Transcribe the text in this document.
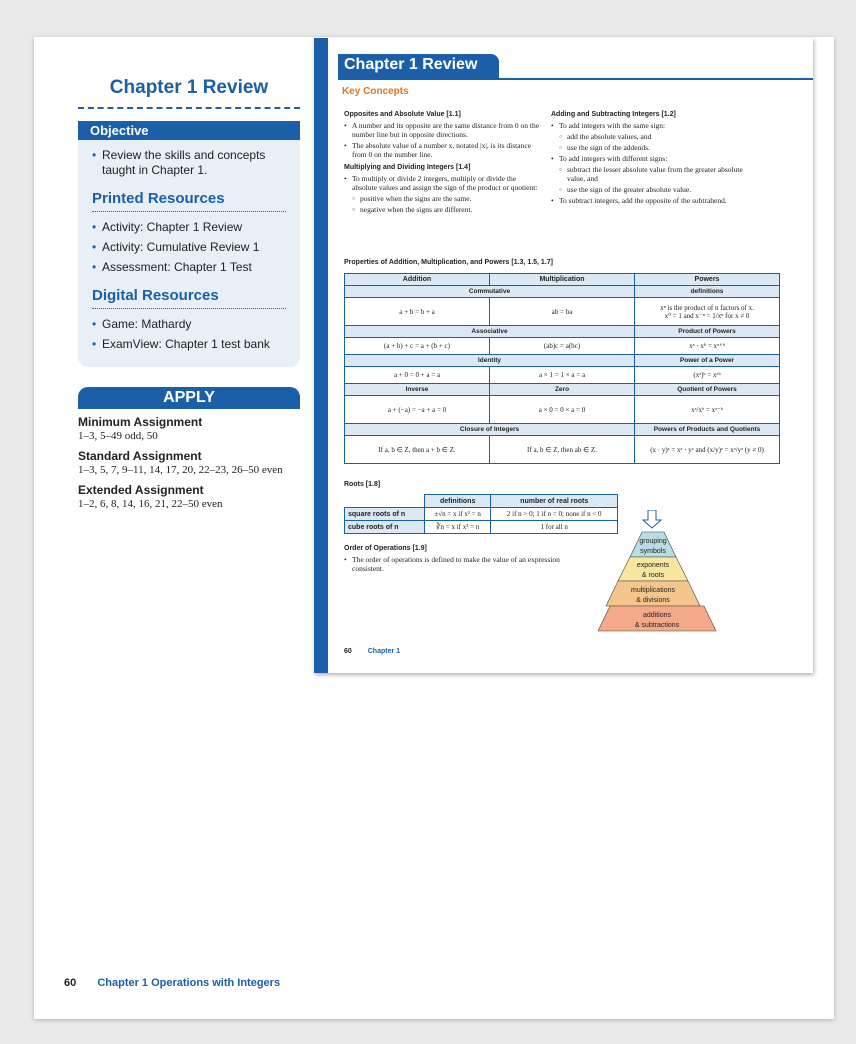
Chapter 1 Review
Objective
• Review the skills and concepts taught in Chapter 1.
Printed Resources
• Activity: Chapter 1 Review
• Activity: Cumulative Review 1
• Assessment: Chapter 1 Test
Digital Resources
• Game: Mathardy
• ExamView: Chapter 1 test bank
APPLY
Minimum Assignment
1–3, 5–49 odd, 50
Standard Assignment
1–3, 5, 7, 9–11, 14, 17, 20, 22–23, 26–50 even
Extended Assignment
1–2, 6, 8, 14, 16, 21, 22–50 even
60 Chapter 1 Operations with Integers
Chapter 1 Review
Key Concepts
Opposites and Absolute Value [1.1]
• A number and its opposite are the same distance from 0 on the number line but in opposite directions.
• The absolute value of a number x, notated |x|, is its distance from 0 on the number line.
Multiplying and Dividing Integers [1.4]
• To multiply or divide 2 integers, multiply or divide the absolute values and assign the sign of the product or quotient:
○ positive when the signs are the same.
○ negative when the signs are different.
Adding and Subtracting Integers [1.2]
• To add integers with the same sign:
○ add the absolute values, and
○ use the sign of the addends.
• To add integers with different signs:
○ subtract the lesser absolute value from the greater absolute value, and
○ use the sign of the greater absolute value.
• To subtract integers, add the opposite of the subtrahend.
Properties of Addition, Multiplication, and Powers [1.3, 1.5, 1.7]
Addition	Multiplication	Powers
Commutative		definitions
a + b = b + a	ab = ba	xⁿ is the product of n factors of x.
x⁰ = 1 and x⁻ⁿ = 1/xⁿ for x ≠ 0

Associative		Product of Powers
(a + b) + c = a + (b + c)	(ab)c = a(bc)	xᵃ · xᵇ = xᵃ⁺ᵇ
Identity		Power of a Power
a + 0 = 0 + a = a	a × 1 = 1 × a = a	(xᵃ)ᵇ = xᵃᵇ
Inverse	Zero	Quotient of Powers
a + (−a) = −a + a = 0	a × 0 = 0 × a = 0	xᵃ/xᵇ = xᵃ⁻ᵇ
Closure of Integers		Powers of Products and Quotients
If a, b ∈ Z, then a + b ∈ Z.	If a, b ∈ Z, then ab ∈ Z.	(x · y)ᵃ = xᵃ · yᵃ and (x/y)ᵃ = xᵃ/yᵃ (y ≠ 0)
Roots [1.8]
	definitions	number of real roots
square roots of n	±√n = x if x² = n	2 if n > 0; 1 if n = 0; none if n < 0
cube roots of n	∛n = x if x³ = n	1 for all n
Order of Operations [1.9]
• The order of operations is defined to make the value of an expression consistent.
grouping
symbols
exponents
& roots
multiplications
& divisions
additions
& subtractions
60 Chapter 1
